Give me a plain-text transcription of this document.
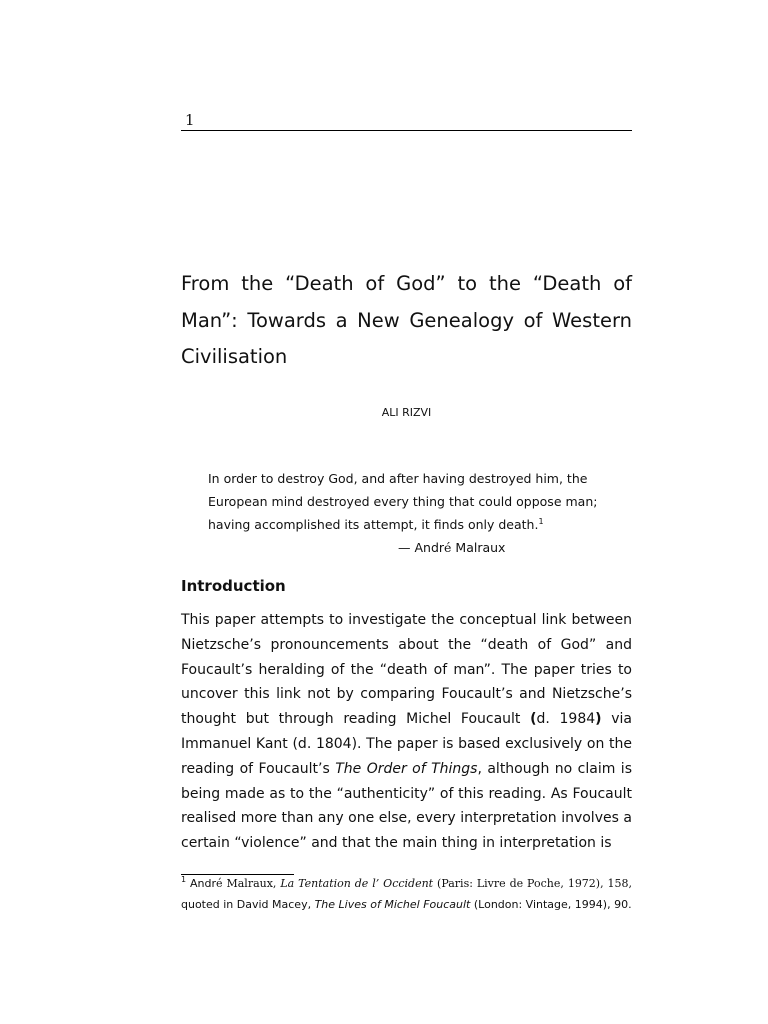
1
From the “Death of God” to the “Death of Man”: Towards a New Genealogy of Western Civilisation
ALI RIZVI
In order to destroy God, and after having destroyed him, the
European mind destroyed every thing that could oppose man;
having accomplished its attempt, it finds only death.$^1$
— André Malraux
Introduction

This paper attempts to investigate the conceptual link between Nietzsche’s pronouncements about the “death of God” and Foucault’s heralding of the “death of man”. The paper tries to uncover this link not by comparing Foucault’s and Nietzsche’s thought but through reading Michel Foucault (d. 1984) via Immanuel Kant (d. 1804). The paper is based exclusively on the reading of Foucault’s The Order of Things, although no claim is being made as to the “authenticity” of this reading. As Foucault realised more than any one else, every interpretation involves a certain “violence” and that the main thing in interpretation is

$^1$ André Malraux, La Tentation de l’ Occident (Paris: Livre de Poche, 1972), 158, quoted in David Macey, The Lives of Michel Foucault (London: Vintage, 1994), 90.
